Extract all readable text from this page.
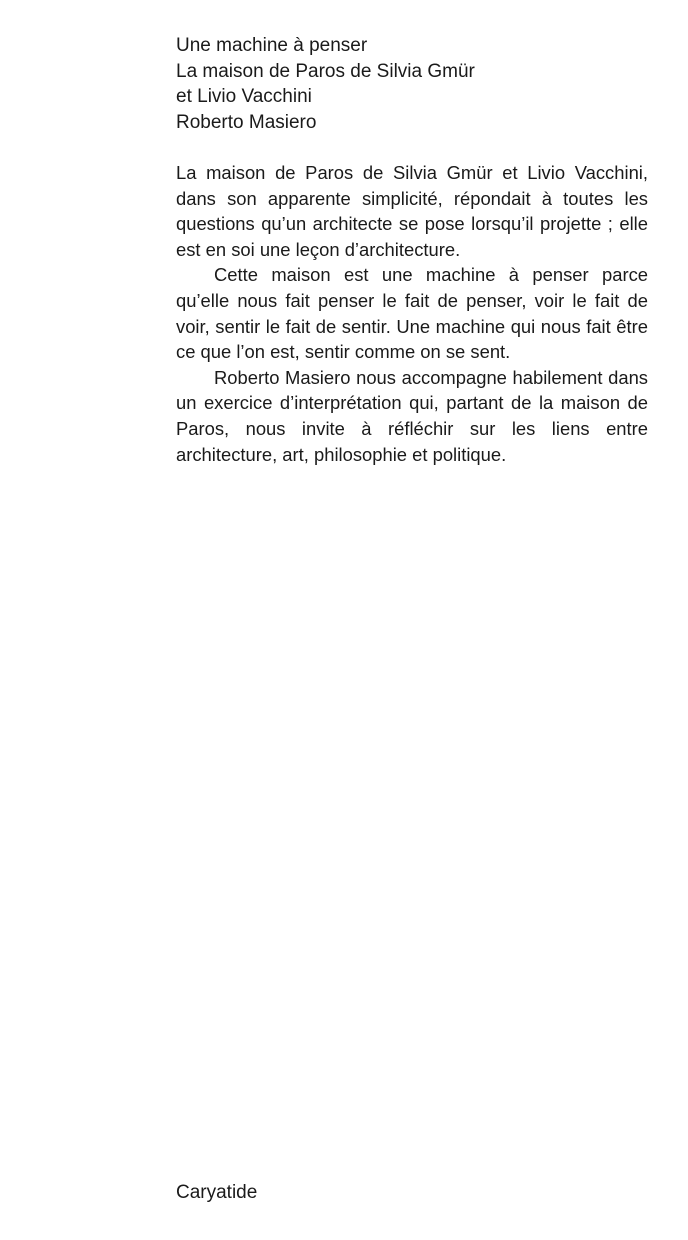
Une machine à penser
La maison de Paros de Silvia Gmür
et Livio Vacchini
Roberto Masiero

La maison de Paros de Silvia Gmür et Livio Vacchini, dans son apparente simplicité, répondait à toutes les questions qu’un architecte se pose lorsqu’il projette ; elle est en soi une leçon d’architecture.

Cette maison est une machine à penser parce qu’elle nous fait penser le fait de penser, voir le fait de voir, sentir le fait de sentir. Une machine qui nous fait être ce que l’on est, sentir comme on se sent.

Roberto Masiero nous accompagne habilement dans un exercice d’interprétation qui, partant de la maison de Paros, nous invite à réfléchir sur les liens entre architecture, art, philosophie et politique.

Caryatide
